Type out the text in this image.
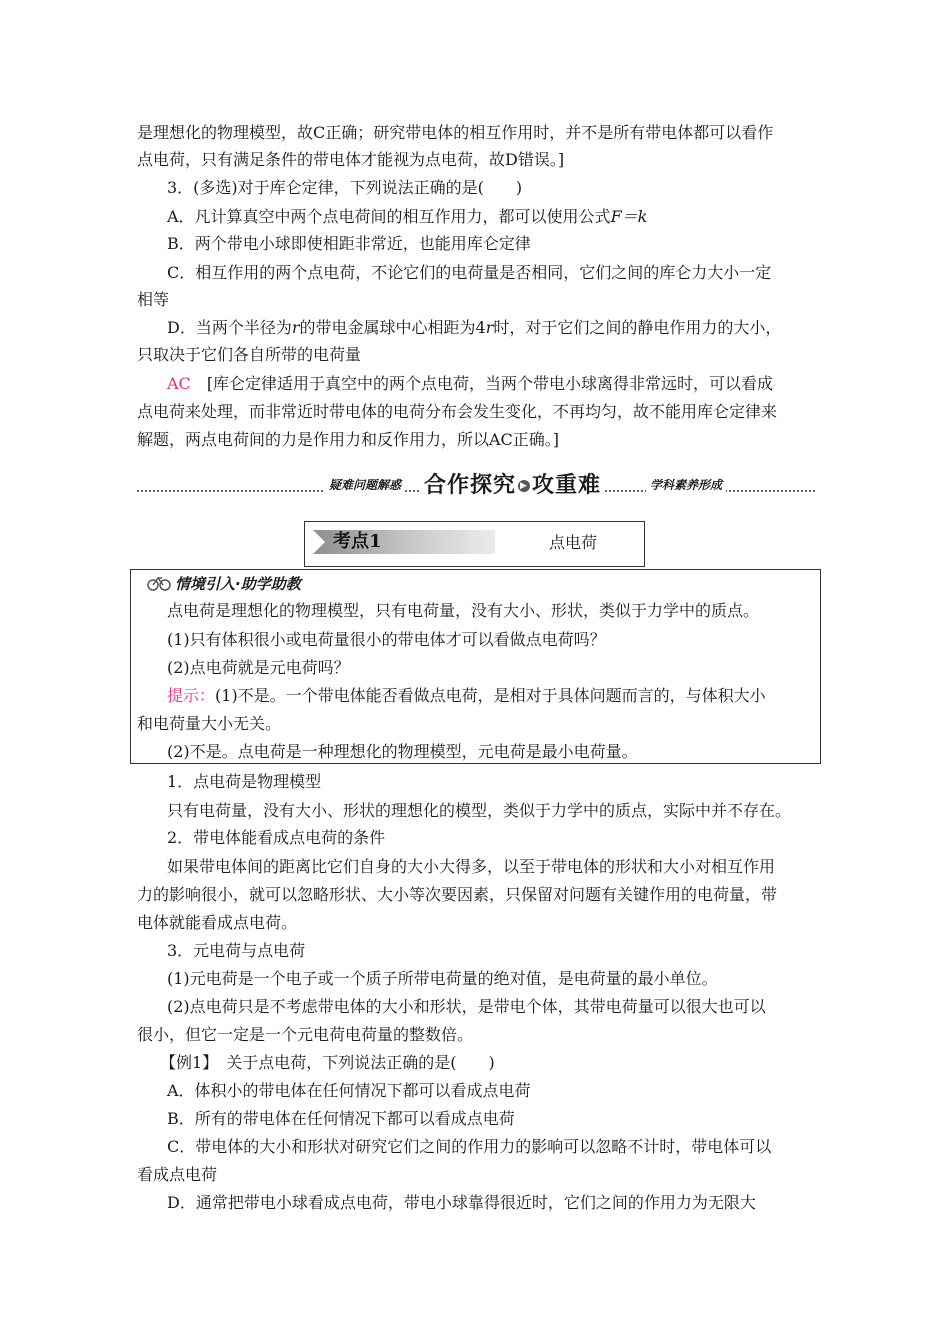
是理想化的物理模型，故C正确；研究带电体的相互作用时，并不是所有带电体都可以看作
点电荷，只有满足条件的带电体才能视为点电荷，故D错误。]
3．(多选)对于库仑定律，下列说法正确的是(　　)
A．凡计算真空中两个点电荷间的相互作用力，都可以使用公式F＝k
B．两个带电小球即使相距非常近，也能用库仑定律
C．相互作用的两个点电荷，不论它们的电荷量是否相同，它们之间的库仑力大小一定
相等
D．当两个半径为r的带电金属球中心相距为4r时，对于它们之间的静电作用力的大小，
只取决于它们各自所带的电荷量
AC　 [库仑定律适用于真空中的两个点电荷，当两个带电小球离得非常远时，可以看成
点电荷来处理，而非常近时带电体的电荷分布会发生变化，不再均匀，故不能用库仑定律来
解题，两点电荷间的力是作用力和反作用力，所以AC正确。]
疑难问题解惑 合作探究 ▶ 攻重难	学科素养形成
考点1	点电荷
情境引入·助学助教
点电荷是理想化的物理模型，只有电荷量，没有大小、形状，类似于力学中的质点。
(1)只有体积很小或电荷量很小的带电体才可以看做点电荷吗？
(2)点电荷就是元电荷吗？
提示：(1)不是。一个带电体能否看做点电荷，是相对于具体问题而言的，与体积大小
和电荷量大小无关。
(2)不是。点电荷是一种理想化的物理模型，元电荷是最小电荷量。
1．点电荷是物理模型
只有电荷量，没有大小、形状的理想化的模型，类似于力学中的质点，实际中并不存在。
2．带电体能看成点电荷的条件
如果带电体间的距离比它们自身的大小大得多，以至于带电体的形状和大小对相互作用
力的影响很小，就可以忽略形状、大小等次要因素，只保留对问题有关键作用的电荷量，带
电体就能看成点电荷。
3．元电荷与点电荷
(1)元电荷是一个电子或一个质子所带电荷量的绝对值，是电荷量的最小单位。
(2)点电荷只是不考虑带电体的大小和形状，是带电个体，其带电荷量可以很大也可以
很小，但它一定是一个元电荷电荷量的整数倍。
【例1】　 关于点电荷，下列说法正确的是(　　)
A．体积小的带电体在任何情况下都可以看成点电荷
B．所有的带电体在任何情况下都可以看成点电荷
C．带电体的大小和形状对研究它们之间的作用力的影响可以忽略不计时，带电体可以
看成点电荷
D．通常把带电小球看成点电荷，带电小球靠得很近时，它们之间的作用力为无限大
